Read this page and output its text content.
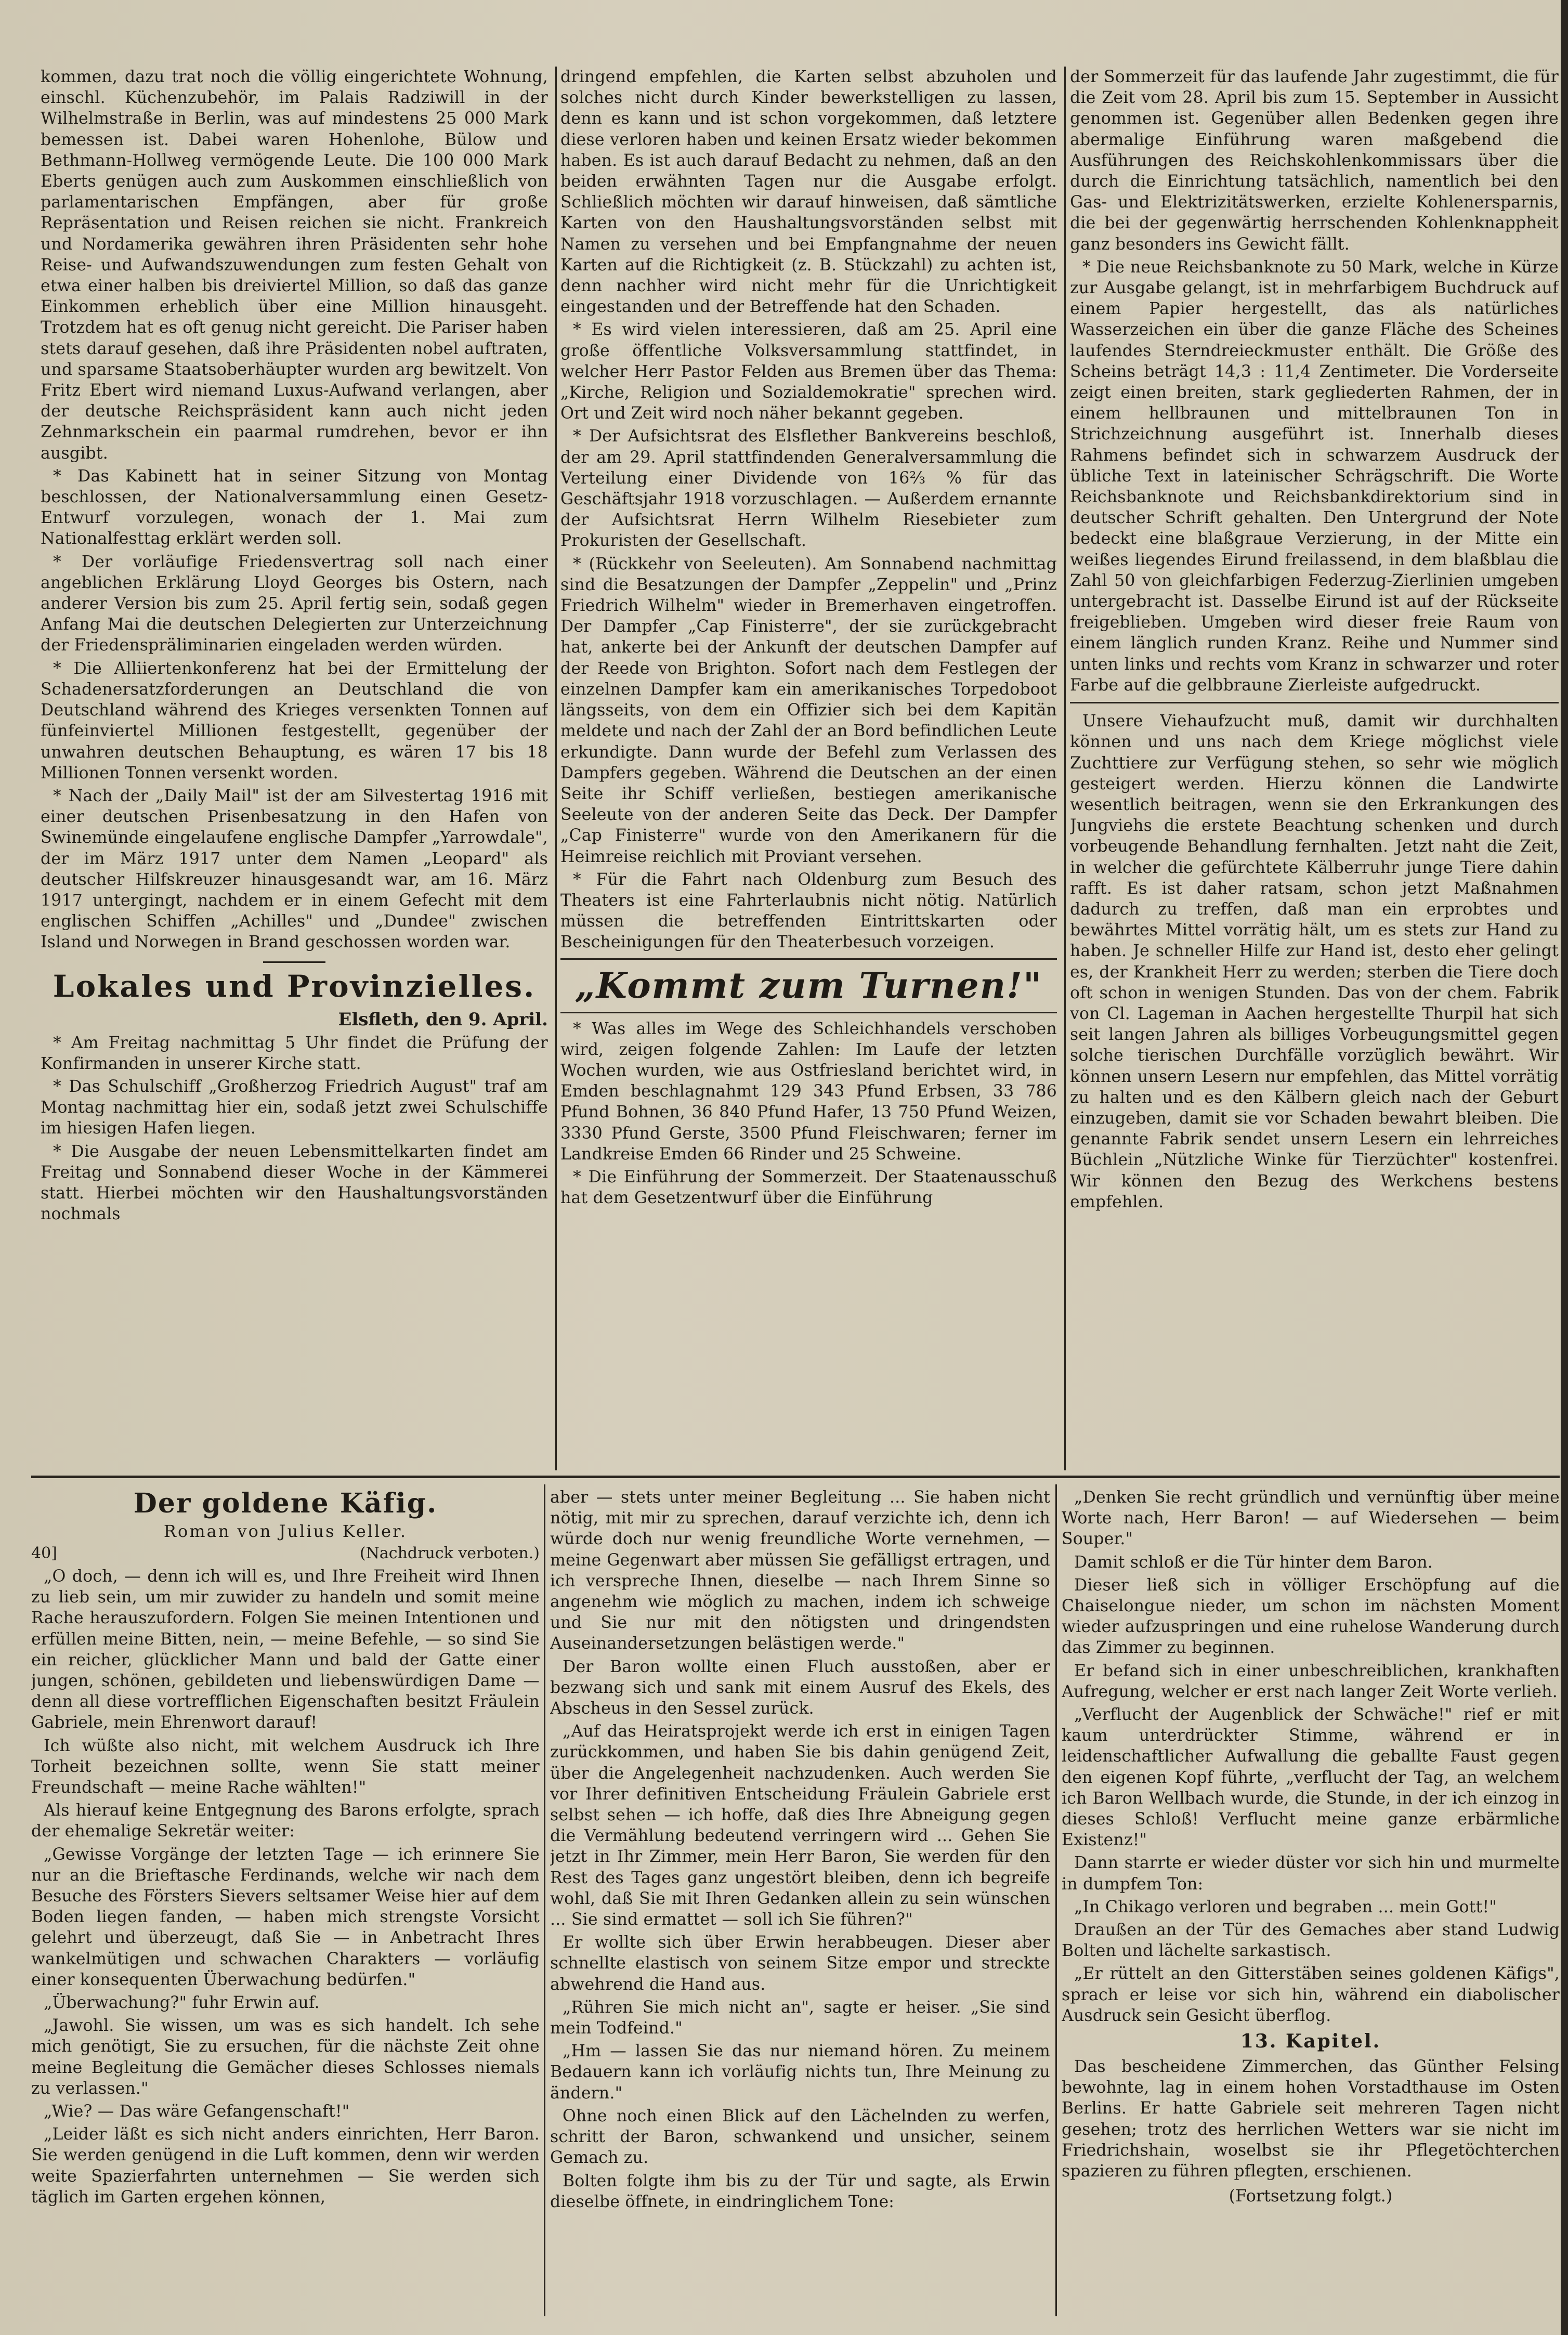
kommen, dazu trat noch die völlig eingerichtete Wohnung, einschl. Küchenzubehör, im Palais Radziwill in der Wilhelmstraße in Berlin, was auf mindestens 25 000 Mark bemessen ist. Dabei waren Hohenlohe, Bülow und Bethmann-Hollweg vermögende Leute. Die 100 000 Mark Eberts genügen auch zum Auskommen einschließlich von parlamentarischen Empfängen, aber für große Repräsentation und Reisen reichen sie nicht. Frankreich und Nordamerika gewähren ihren Präsidenten sehr hohe Reise- und Aufwandszuwendungen zum festen Gehalt von etwa einer halben bis dreiviertel Million, so daß das ganze Einkommen erheblich über eine Million hinausgeht. Trotzdem hat es oft genug nicht gereicht. Die Pariser haben stets darauf gesehen, daß ihre Präsidenten nobel auftraten, und sparsame Staatsoberhäupter wurden arg bewitzelt. Von Fritz Ebert wird niemand Luxus-Aufwand verlangen, aber der deutsche Reichspräsident kann auch nicht jeden Zehnmarkschein ein paarmal rumdrehen, bevor er ihn ausgibt.

* Das Kabinett hat in seiner Sitzung von Montag beschlossen, der Nationalversammlung einen Gesetz-Entwurf vorzulegen, wonach der 1. Mai zum Nationalfesttag erklärt werden soll.

* Der vorläufige Friedensvertrag soll nach einer angeblichen Erklärung Lloyd Georges bis Ostern, nach anderer Version bis zum 25. April fertig sein, sodaß gegen Anfang Mai die deutschen Delegierten zur Unterzeichnung der Friedenspräliminarien eingeladen werden würden.

* Die Alliiertenkonferenz hat bei der Ermittelung der Schadenersatzforderungen an Deutschland die von Deutschland während des Krieges versenkten Tonnen auf fünfeinviertel Millionen festgestellt, gegenüber der unwahren deutschen Behauptung, es wären 17 bis 18 Millionen Tonnen versenkt worden.

* Nach der „Daily Mail" ist der am Silvestertag 1916 mit einer deutschen Prisenbesatzung in den Hafen von Swinemünde eingelaufene englische Dampfer „Yarrowdale", der im März 1917 unter dem Namen „Leopard" als deutscher Hilfskreuzer hinausgesandt war, am 16. März 1917 untergingt, nachdem er in einem Gefecht mit dem englischen Schiffen „Achilles" und „Dundee" zwischen Island und Norwegen in Brand geschossen worden war.

Lokales und Provinzielles.
Elsfleth, den 9. April.

* Am Freitag nachmittag 5 Uhr findet die Prüfung der Konfirmanden in unserer Kirche statt.

* Das Schulschiff „Großherzog Friedrich August" traf am Montag nachmittag hier ein, sodaß jetzt zwei Schulschiffe im hiesigen Hafen liegen.

* Die Ausgabe der neuen Lebensmittelkarten findet am Freitag und Sonnabend dieser Woche in der Kämmerei statt. Hierbei möchten wir den Haushaltungsvorständen nochmals

dringend empfehlen, die Karten selbst abzuholen und solches nicht durch Kinder bewerkstelligen zu lassen, denn es kann und ist schon vorgekommen, daß letztere diese verloren haben und keinen Ersatz wieder bekommen haben. Es ist auch darauf Bedacht zu nehmen, daß an den beiden erwähnten Tagen nur die Ausgabe erfolgt. Schließlich möchten wir darauf hinweisen, daß sämtliche Karten von den Haushaltungsvorständen selbst mit Namen zu versehen und bei Empfangnahme der neuen Karten auf die Richtigkeit (z. B. Stückzahl) zu achten ist, denn nachher wird nicht mehr für die Unrichtigkeit eingestanden und der Betreffende hat den Schaden.

* Es wird vielen interessieren, daß am 25. April eine große öffentliche Volksversammlung stattfindet, in welcher Herr Pastor Felden aus Bremen über das Thema: „Kirche, Religion und Sozialdemokratie" sprechen wird. Ort und Zeit wird noch näher bekannt gegeben.

* Der Aufsichtsrat des Elsflether Bankvereins beschloß, der am 29. April stattfindenden Generalversammlung die Verteilung einer Dividende von 16⅔ % für das Geschäftsjahr 1918 vorzuschlagen. — Außerdem ernannte der Aufsichtsrat Herrn Wilhelm Riesebieter zum Prokuristen der Gesellschaft.

* (Rückkehr von Seeleuten). Am Sonnabend nachmittag sind die Besatzungen der Dampfer „Zeppelin" und „Prinz Friedrich Wilhelm" wieder in Bremerhaven eingetroffen. Der Dampfer „Cap Finisterre", der sie zurückgebracht hat, ankerte bei der Ankunft der deutschen Dampfer auf der Reede von Brighton. Sofort nach dem Festlegen der einzelnen Dampfer kam ein amerikanisches Torpedoboot längsseits, von dem ein Offizier sich bei dem Kapitän meldete und nach der Zahl der an Bord befindlichen Leute erkundigte. Dann wurde der Befehl zum Verlassen des Dampfers gegeben. Während die Deutschen an der einen Seite ihr Schiff verließen, bestiegen amerikanische Seeleute von der anderen Seite das Deck. Der Dampfer „Cap Finisterre" wurde von den Amerikanern für die Heimreise reichlich mit Proviant versehen.

* Für die Fahrt nach Oldenburg zum Besuch des Theaters ist eine Fahrterlaubnis nicht nötig. Natürlich müssen die betreffenden Eintrittskarten oder Bescheinigungen für den Theaterbesuch vorzeigen.

„Kommt zum Turnen!"

* Was alles im Wege des Schleichhandels verschoben wird, zeigen folgende Zahlen: Im Laufe der letzten Wochen wurden, wie aus Ostfriesland berichtet wird, in Emden beschlagnahmt 129 343 Pfund Erbsen, 33 786 Pfund Bohnen, 36 840 Pfund Hafer, 13 750 Pfund Weizen, 3330 Pfund Gerste, 3500 Pfund Fleischwaren; ferner im Landkreise Emden 66 Rinder und 25 Schweine.

* Die Einführung der Sommerzeit. Der Staatenausschuß hat dem Gesetzentwurf über die Einführung

der Sommerzeit für das laufende Jahr zugestimmt, die für die Zeit vom 28. April bis zum 15. September in Aussicht genommen ist. Gegenüber allen Bedenken gegen ihre abermalige Einführung waren maßgebend die Ausführungen des Reichskohlenkommissars über die durch die Einrichtung tatsächlich, namentlich bei den Gas- und Elektrizitätswerken, erzielte Kohlenersparnis, die bei der gegenwärtig herrschenden Kohlenknappheit ganz besonders ins Gewicht fällt.

* Die neue Reichsbanknote zu 50 Mark, welche in Kürze zur Ausgabe gelangt, ist in mehrfarbigem Buchdruck auf einem Papier hergestellt, das als natürliches Wasserzeichen ein über die ganze Fläche des Scheines laufendes Sterndreieckmuster enthält. Die Größe des Scheins beträgt 14,3 : 11,4 Zentimeter. Die Vorderseite zeigt einen breiten, stark gegliederten Rahmen, der in einem hellbraunen und mittelbraunen Ton in Strichzeichnung ausgeführt ist. Innerhalb dieses Rahmens befindet sich in schwarzem Ausdruck der übliche Text in lateinischer Schrägschrift. Die Worte Reichsbanknote und Reichsbankdirektorium sind in deutscher Schrift gehalten. Den Untergrund der Note bedeckt eine blaßgraue Verzierung, in der Mitte ein weißes liegendes Eirund freilassend, in dem blaßblau die Zahl 50 von gleichfarbigen Federzug-Zierlinien umgeben untergebracht ist. Dasselbe Eirund ist auf der Rückseite freigeblieben. Umgeben wird dieser freie Raum von einem länglich runden Kranz. Reihe und Nummer sind unten links und rechts vom Kranz in schwarzer und roter Farbe auf die gelbbraune Zierleiste aufgedruckt.

Unsere Viehaufzucht muß, damit wir durchhalten können und uns nach dem Kriege möglichst viele Zuchttiere zur Verfügung stehen, so sehr wie möglich gesteigert werden. Hierzu können die Landwirte wesentlich beitragen, wenn sie den Erkrankungen des Jungviehs die erstete Beachtung schenken und durch vorbeugende Behandlung fernhalten. Jetzt naht die Zeit, in welcher die gefürchtete Kälberruhr junge Tiere dahin rafft. Es ist daher ratsam, schon jetzt Maßnahmen dadurch zu treffen, daß man ein erprobtes und bewährtes Mittel vorrätig hält, um es stets zur Hand zu haben. Je schneller Hilfe zur Hand ist, desto eher gelingt es, der Krankheit Herr zu werden; sterben die Tiere doch oft schon in wenigen Stunden. Das von der chem. Fabrik von Cl. Lageman in Aachen hergestellte Thurpil hat sich seit langen Jahren als billiges Vorbeugungsmittel gegen solche tierischen Durchfälle vorzüglich bewährt. Wir können unsern Lesern nur empfehlen, das Mittel vorrätig zu halten und es den Kälbern gleich nach der Geburt einzugeben, damit sie vor Schaden bewahrt bleiben. Die genannte Fabrik sendet unsern Lesern ein lehrreiches Büchlein „Nützliche Winke für Tierzüchter" kostenfrei. Wir können den Bezug des Werkchens bestens empfehlen.

Der goldene Käfig.
Roman von Julius Keller.
40]	(Nachdruck verboten.)

„O doch, — denn ich will es, und Ihre Freiheit wird Ihnen zu lieb sein, um mir zuwider zu handeln und somit meine Rache herauszufordern. Folgen Sie meinen Intentionen und erfüllen meine Bitten, nein, — meine Befehle, — so sind Sie ein reicher, glücklicher Mann und bald der Gatte einer jungen, schönen, gebildeten und liebenswürdigen Dame — denn all diese vortrefflichen Eigenschaften besitzt Fräulein Gabriele, mein Ehrenwort darauf!

Ich wüßte also nicht, mit welchem Ausdruck ich Ihre Torheit bezeichnen sollte, wenn Sie statt meiner Freundschaft — meine Rache wählten!"

Als hierauf keine Entgegnung des Barons erfolgte, sprach der ehemalige Sekretär weiter:

„Gewisse Vorgänge der letzten Tage — ich erinnere Sie nur an die Brieftasche Ferdinands, welche wir nach dem Besuche des Försters Sievers seltsamer Weise hier auf dem Boden liegen fanden, — haben mich strengste Vorsicht gelehrt und überzeugt, daß Sie — in Anbetracht Ihres wankelmütigen und schwachen Charakters — vorläufig einer konsequenten Überwachung bedürfen."

„Überwachung?" fuhr Erwin auf.

„Jawohl. Sie wissen, um was es sich handelt. Ich sehe mich genötigt, Sie zu ersuchen, für die nächste Zeit ohne meine Begleitung die Gemächer dieses Schlosses niemals zu verlassen."

„Wie? — Das wäre Gefangenschaft!"

„Leider läßt es sich nicht anders einrichten, Herr Baron. Sie werden genügend in die Luft kommen, denn wir werden weite Spazierfahrten unternehmen — Sie werden sich täglich im Garten ergehen können,

aber — stets unter meiner Begleitung ... Sie haben nicht nötig, mit mir zu sprechen, darauf verzichte ich, denn ich würde doch nur wenig freundliche Worte vernehmen, — meine Gegenwart aber müssen Sie gefälligst ertragen, und ich verspreche Ihnen, dieselbe — nach Ihrem Sinne so angenehm wie möglich zu machen, indem ich schweige und Sie nur mit den nötigsten und dringendsten Auseinandersetzungen belästigen werde."

Der Baron wollte einen Fluch ausstoßen, aber er bezwang sich und sank mit einem Ausruf des Ekels, des Abscheus in den Sessel zurück.

„Auf das Heiratsprojekt werde ich erst in einigen Tagen zurückkommen, und haben Sie bis dahin genügend Zeit, über die Angelegenheit nachzudenken. Auch werden Sie vor Ihrer definitiven Entscheidung Fräulein Gabriele erst selbst sehen — ich hoffe, daß dies Ihre Abneigung gegen die Vermählung bedeutend verringern wird ... Gehen Sie jetzt in Ihr Zimmer, mein Herr Baron, Sie werden für den Rest des Tages ganz ungestört bleiben, denn ich begreife wohl, daß Sie mit Ihren Gedanken allein zu sein wünschen ... Sie sind ermattet — soll ich Sie führen?"

Er wollte sich über Erwin herabbeugen. Dieser aber schnellte elastisch von seinem Sitze empor und streckte abwehrend die Hand aus.

„Rühren Sie mich nicht an", sagte er heiser. „Sie sind mein Todfeind."

„Hm — lassen Sie das nur niemand hören. Zu meinem Bedauern kann ich vorläufig nichts tun, Ihre Meinung zu ändern."

Ohne noch einen Blick auf den Lächelnden zu werfen, schritt der Baron, schwankend und unsicher, seinem Gemach zu.

Bolten folgte ihm bis zu der Tür und sagte, als Erwin dieselbe öffnete, in eindringlichem Tone:

„Denken Sie recht gründlich und vernünftig über meine Worte nach, Herr Baron! — auf Wiedersehen — beim Souper."

Damit schloß er die Tür hinter dem Baron.

Dieser ließ sich in völliger Erschöpfung auf die Chaiselongue nieder, um schon im nächsten Moment wieder aufzuspringen und eine ruhelose Wanderung durch das Zimmer zu beginnen.

Er befand sich in einer unbeschreiblichen, krankhaften Aufregung, welcher er erst nach langer Zeit Worte verlieh.

„Verflucht der Augenblick der Schwäche!" rief er mit kaum unterdrückter Stimme, während er in leidenschaftlicher Aufwallung die geballte Faust gegen den eigenen Kopf führte, „verflucht der Tag, an welchem ich Baron Wellbach wurde, die Stunde, in der ich einzog in dieses Schloß! Verflucht meine ganze erbärmliche Existenz!"

Dann starrte er wieder düster vor sich hin und murmelte in dumpfem Ton:

„In Chikago verloren und begraben ... mein Gott!"

Draußen an der Tür des Gemaches aber stand Ludwig Bolten und lächelte sarkastisch.

„Er rüttelt an den Gitterstäben seines goldenen Käfigs", sprach er leise vor sich hin, während ein diabolischer Ausdruck sein Gesicht überflog.

13. Kapitel.

Das bescheidene Zimmerchen, das Günther Felsing bewohnte, lag in einem hohen Vorstadthause im Osten Berlins. Er hatte Gabriele seit mehreren Tagen nicht gesehen; trotz des herrlichen Wetters war sie nicht im Friedrichshain, woselbst sie ihr Pflegetöchterchen spazieren zu führen pflegten, erschienen.

(Fortsetzung folgt.)
